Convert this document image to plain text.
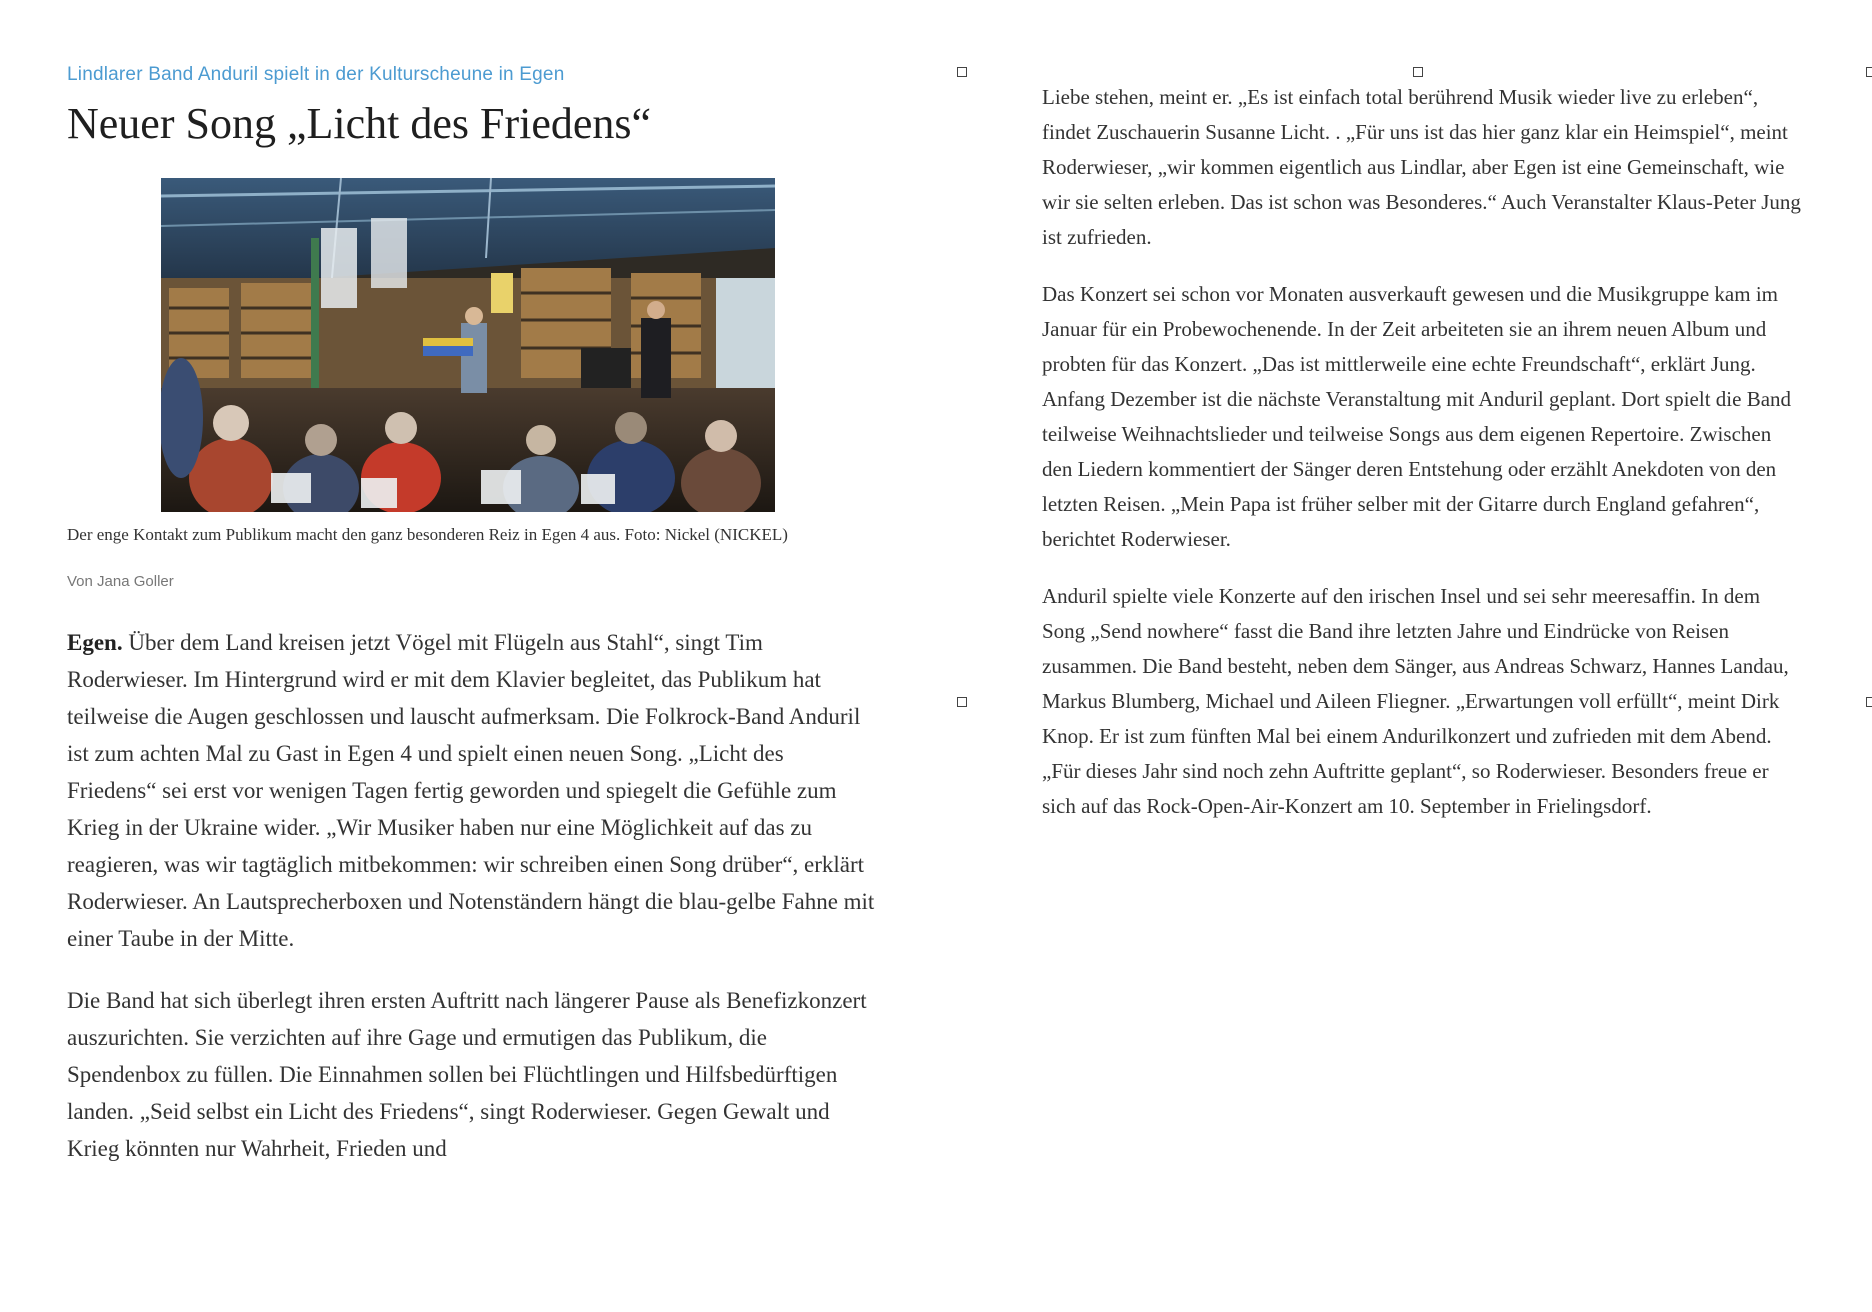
Lindlarer Band Anduril spielt in der Kulturscheune in Egen
Neuer Song „Licht des Friedens“

Der enge Kontakt zum Publikum macht den ganz besonderen Reiz in Egen 4 aus. Foto: Nickel (NICKEL)

Von Jana Goller

Egen. Über dem Land kreisen jetzt Vögel mit Flügeln aus Stahl“, singt Tim Roderwieser. Im Hintergrund wird er mit dem Klavier begleitet, das Publikum hat teilweise die Augen geschlossen und lauscht aufmerksam. Die Folkrock-Band Anduril ist zum achten Mal zu Gast in Egen 4 und spielt einen neuen Song. „Licht des Friedens“ sei erst vor wenigen Tagen fertig geworden und spiegelt die Gefühle zum Krieg in der Ukraine wider. „Wir Musiker haben nur eine Möglichkeit auf das zu reagieren, was wir tagtäglich mitbekommen: wir schreiben einen Song drüber“, erklärt Roderwieser. An Lautsprecherboxen und Notenständern hängt die blau-gelbe Fahne mit einer Taube in der Mitte.

Die Band hat sich überlegt ihren ersten Auftritt nach längerer Pause als Benefizkonzert auszurichten. Sie verzichten auf ihre Gage und ermutigen das Publikum, die Spendenbox zu füllen. Die Einnahmen sollen bei Flüchtlingen und Hilfsbedürftigen landen. „Seid selbst ein Licht des Friedens“, singt Roderwieser. Gegen Gewalt und Krieg könnten nur Wahrheit, Frieden und

Liebe stehen, meint er. „Es ist einfach total berührend Musik wieder live zu erleben“, findet Zuschauerin Susanne Licht. . „Für uns ist das hier ganz klar ein Heimspiel“, meint Roderwieser, „wir kommen eigentlich aus Lindlar, aber Egen ist eine Gemeinschaft, wie wir sie selten erleben. Das ist schon was Besonderes.“ Auch Veranstalter Klaus-Peter Jung ist zufrieden.

Das Konzert sei schon vor Monaten ausverkauft gewesen und die Musikgruppe kam im Januar für ein Probewochenende. In der Zeit arbeiteten sie an ihrem neuen Album und probten für das Konzert. „Das ist mittlerweile eine echte Freundschaft“, erklärt Jung. Anfang Dezember ist die nächste Veranstaltung mit Anduril geplant. Dort spielt die Band teilweise Weihnachtslieder und teilweise Songs aus dem eigenen Repertoire. Zwischen den Liedern kommentiert der Sänger deren Entstehung oder erzählt Anekdoten von den letzten Reisen. „Mein Papa ist früher selber mit der Gitarre durch England gefahren“, berichtet Roderwieser.

Anduril spielte viele Konzerte auf den irischen Insel und sei sehr meeresaffin. In dem Song „Send nowhere“ fasst die Band ihre letzten Jahre und Eindrücke von Reisen zusammen. Die Band besteht, neben dem Sänger, aus Andreas Schwarz, Hannes Landau, Markus Blumberg, Michael und Aileen Fliegner. „Erwartungen voll erfüllt“, meint Dirk Knop. Er ist zum fünften Mal bei einem Andurilkonzert und zufrieden mit dem Abend. „Für dieses Jahr sind noch zehn Auftritte geplant“, so Roderwieser. Besonders freue er sich auf das Rock-Open-Air-Konzert am 10. September in Frielingsdorf.
